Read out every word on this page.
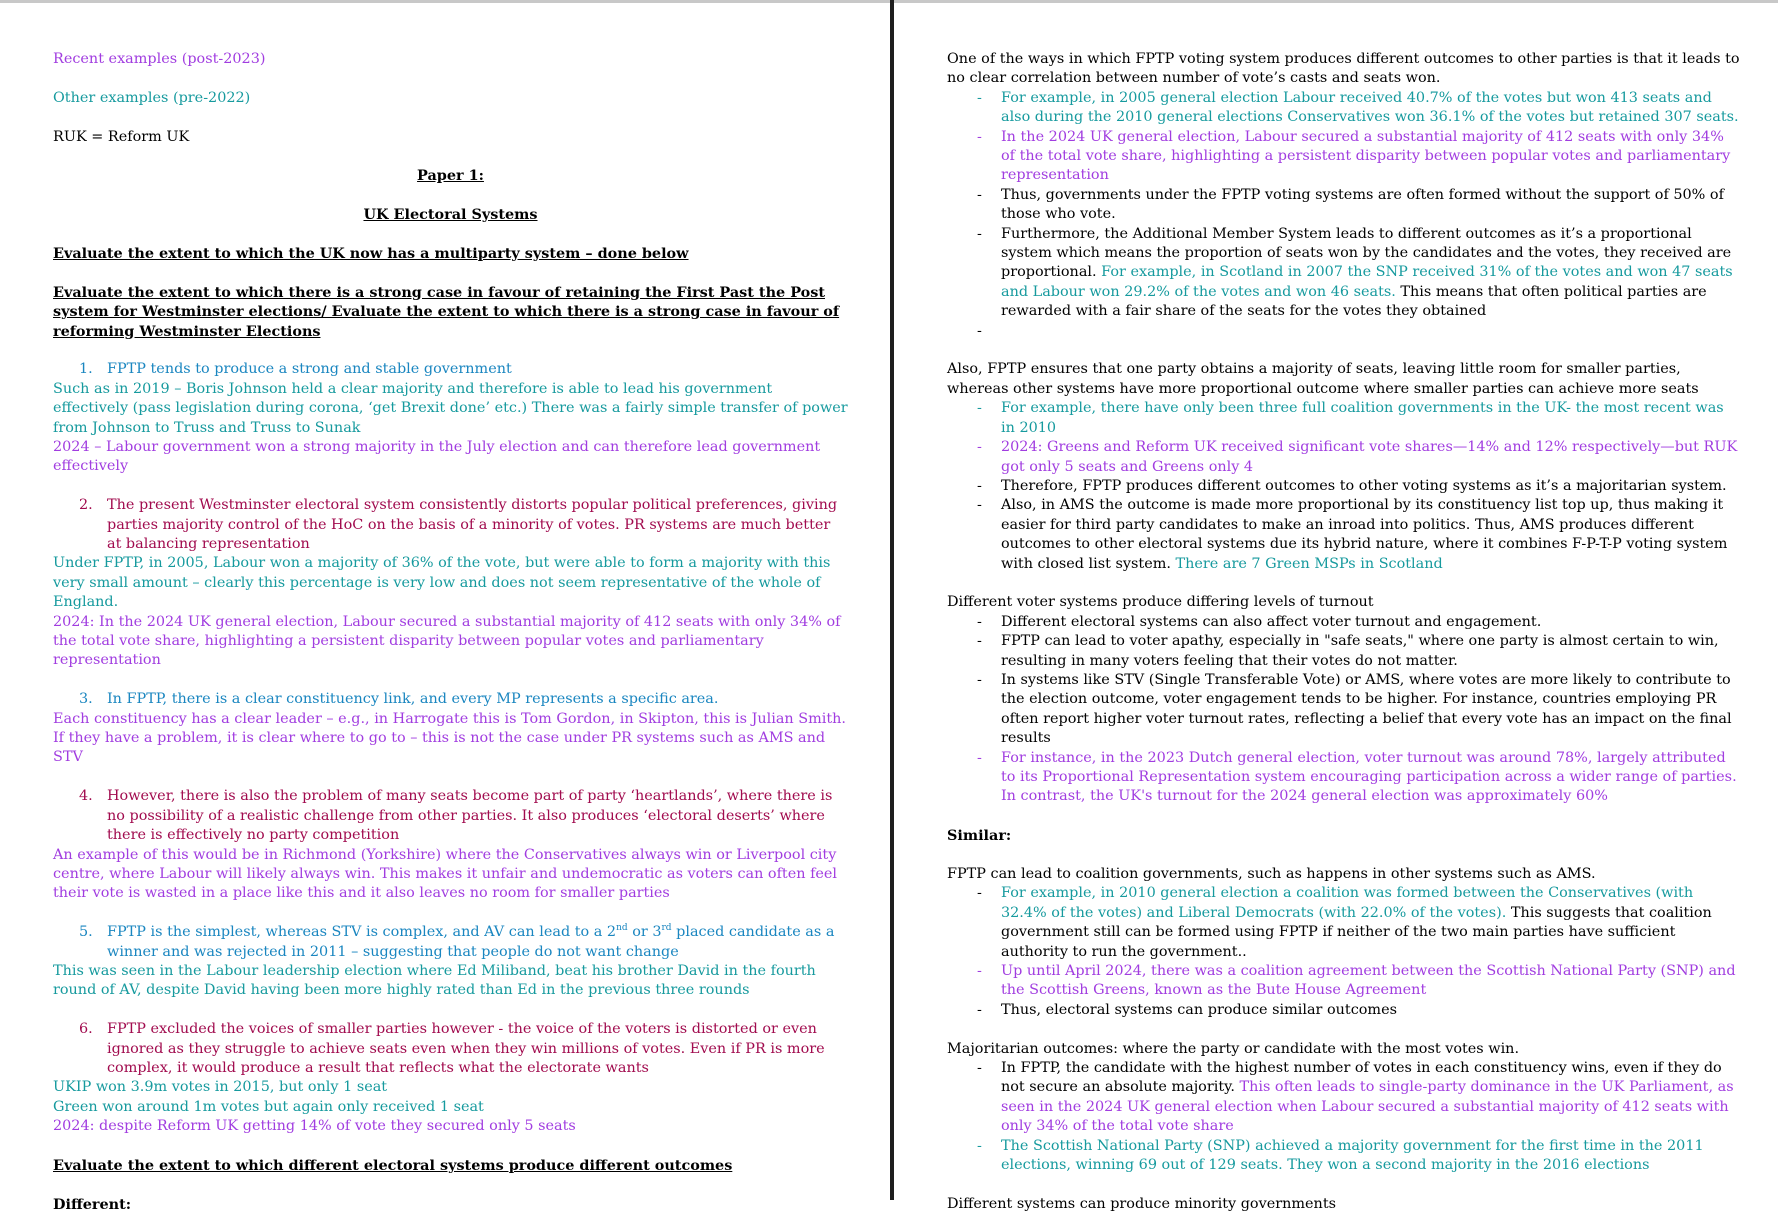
Recent examples (post-2023)

Other examples (pre-2022)

RUK = Reform UK

Paper 1:

UK Electoral Systems

Evaluate the extent to which the UK now has a multiparty system – done below

Evaluate the extent to which there is a strong case in favour of retaining the First Past the Post system for Westminster elections/ Evaluate the extent to which there is a strong case in favour of reforming Westminster Elections

1. FPTP tends to produce a strong and stable government

Such as in 2019 – Boris Johnson held a clear majority and therefore is able to lead his government effectively (pass legislation during corona, ‘get Brexit done’ etc.) There was a fairly simple transfer of power from Johnson to Truss and Truss to Sunak

2024 – Labour government won a strong majority in the July election and can therefore lead government effectively

2. The present Westminster electoral system consistently distorts popular political preferences, giving parties majority control of the HoC on the basis of a minority of votes. PR systems are much better at balancing representation

Under FPTP, in 2005, Labour won a majority of 36% of the vote, but were able to form a majority with this very small amount – clearly this percentage is very low and does not seem representative of the whole of England.

2024: In the 2024 UK general election, Labour secured a substantial majority of 412 seats with only 34% of the total vote share, highlighting a persistent disparity between popular votes and parliamentary representation

3. In FPTP, there is a clear constituency link, and every MP represents a specific area.

Each constituency has a clear leader – e.g., in Harrogate this is Tom Gordon, in Skipton, this is Julian Smith. If they have a problem, it is clear where to go to – this is not the case under PR systems such as AMS and STV

4. However, there is also the problem of many seats become part of party ‘heartlands’, where there is no possibility of a realistic challenge from other parties. It also produces ‘electoral deserts’ where there is effectively no party competition

An example of this would be in Richmond (Yorkshire) where the Conservatives always win or Liverpool city centre, where Labour will likely always win. This makes it unfair and undemocratic as voters can often feel their vote is wasted in a place like this and it also leaves no room for smaller parties

5. FPTP is the simplest, whereas STV is complex, and AV can lead to a 2nd or 3rd placed candidate as a winner and was rejected in 2011 – suggesting that people do not want change

This was seen in the Labour leadership election where Ed Miliband, beat his brother David in the fourth round of AV, despite David having been more highly rated than Ed in the previous three rounds

6. FPTP excluded the voices of smaller parties however - the voice of the voters is distorted or even ignored as they struggle to achieve seats even when they win millions of votes. Even if PR is more complex, it would produce a result that reflects what the electorate wants

UKIP won 3.9m votes in 2015, but only 1 seat

Green won around 1m votes but again only received 1 seat

2024: despite Reform UK getting 14% of vote they secured only 5 seats

Evaluate the extent to which different electoral systems produce different outcomes

Different:

One of the ways in which FPTP voting system produces different outcomes to other parties is that it leads to no clear correlation between number of vote’s casts and seats won.

- For example, in 2005 general election Labour received 40.7% of the votes but won 413 seats and also during the 2010 general elections Conservatives won 36.1% of the votes but retained 307 seats.
- In the 2024 UK general election, Labour secured a substantial majority of 412 seats with only 34% of the total vote share, highlighting a persistent disparity between popular votes and parliamentary representation
- Thus, governments under the FPTP voting systems are often formed without the support of 50% of those who vote.
- Furthermore, the Additional Member System leads to different outcomes as it’s a proportional system which means the proportion of seats won by the candidates and the votes, they received are proportional. For example, in Scotland in 2007 the SNP received 31% of the votes and won 47 seats and Labour won 29.2% of the votes and won 46 seats. This means that often political parties are rewarded with a fair share of the seats for the votes they obtained
-

Also, FPTP ensures that one party obtains a majority of seats, leaving little room for smaller parties, whereas other systems have more proportional outcome where smaller parties can achieve more seats

- For example, there have only been three full coalition governments in the UK- the most recent was in 2010
- 2024: Greens and Reform UK received significant vote shares—14% and 12% respectively—but RUK got only 5 seats and Greens only 4
- Therefore, FPTP produces different outcomes to other voting systems as it’s a majoritarian system.
- Also, in AMS the outcome is made more proportional by its constituency list top up, thus making it easier for third party candidates to make an inroad into politics. Thus, AMS produces different outcomes to other electoral systems due its hybrid nature, where it combines F-P-T-P voting system with closed list system. There are 7 Green MSPs in Scotland

Different voter systems produce differing levels of turnout

- Different electoral systems can also affect voter turnout and engagement.
- FPTP can lead to voter apathy, especially in "safe seats," where one party is almost certain to win, resulting in many voters feeling that their votes do not matter.
- In systems like STV (Single Transferable Vote) or AMS, where votes are more likely to contribute to the election outcome, voter engagement tends to be higher. For instance, countries employing PR often report higher voter turnout rates, reflecting a belief that every vote has an impact on the final results
- For instance, in the 2023 Dutch general election, voter turnout was around 78%, largely attributed to its Proportional Representation system encouraging participation across a wider range of parties. In contrast, the UK's turnout for the 2024 general election was approximately 60%

Similar:

FPTP can lead to coalition governments, such as happens in other systems such as AMS.

- For example, in 2010 general election a coalition was formed between the Conservatives (with 32.4% of the votes) and Liberal Democrats (with 22.0% of the votes). This suggests that coalition government still can be formed using FPTP if neither of the two main parties have sufficient authority to run the government..
- Up until April 2024, there was a coalition agreement between the Scottish National Party (SNP) and the Scottish Greens, known as the Bute House Agreement
- Thus, electoral systems can produce similar outcomes

Majoritarian outcomes: where the party or candidate with the most votes win.

- In FPTP, the candidate with the highest number of votes in each constituency wins, even if they do not secure an absolute majority. This often leads to single-party dominance in the UK Parliament, as seen in the 2024 UK general election when Labour secured a substantial majority of 412 seats with only 34% of the total vote share
- The Scottish National Party (SNP) achieved a majority government for the first time in the 2011 elections, winning 69 out of 129 seats. They won a second majority in the 2016 elections

Different systems can produce minority governments
